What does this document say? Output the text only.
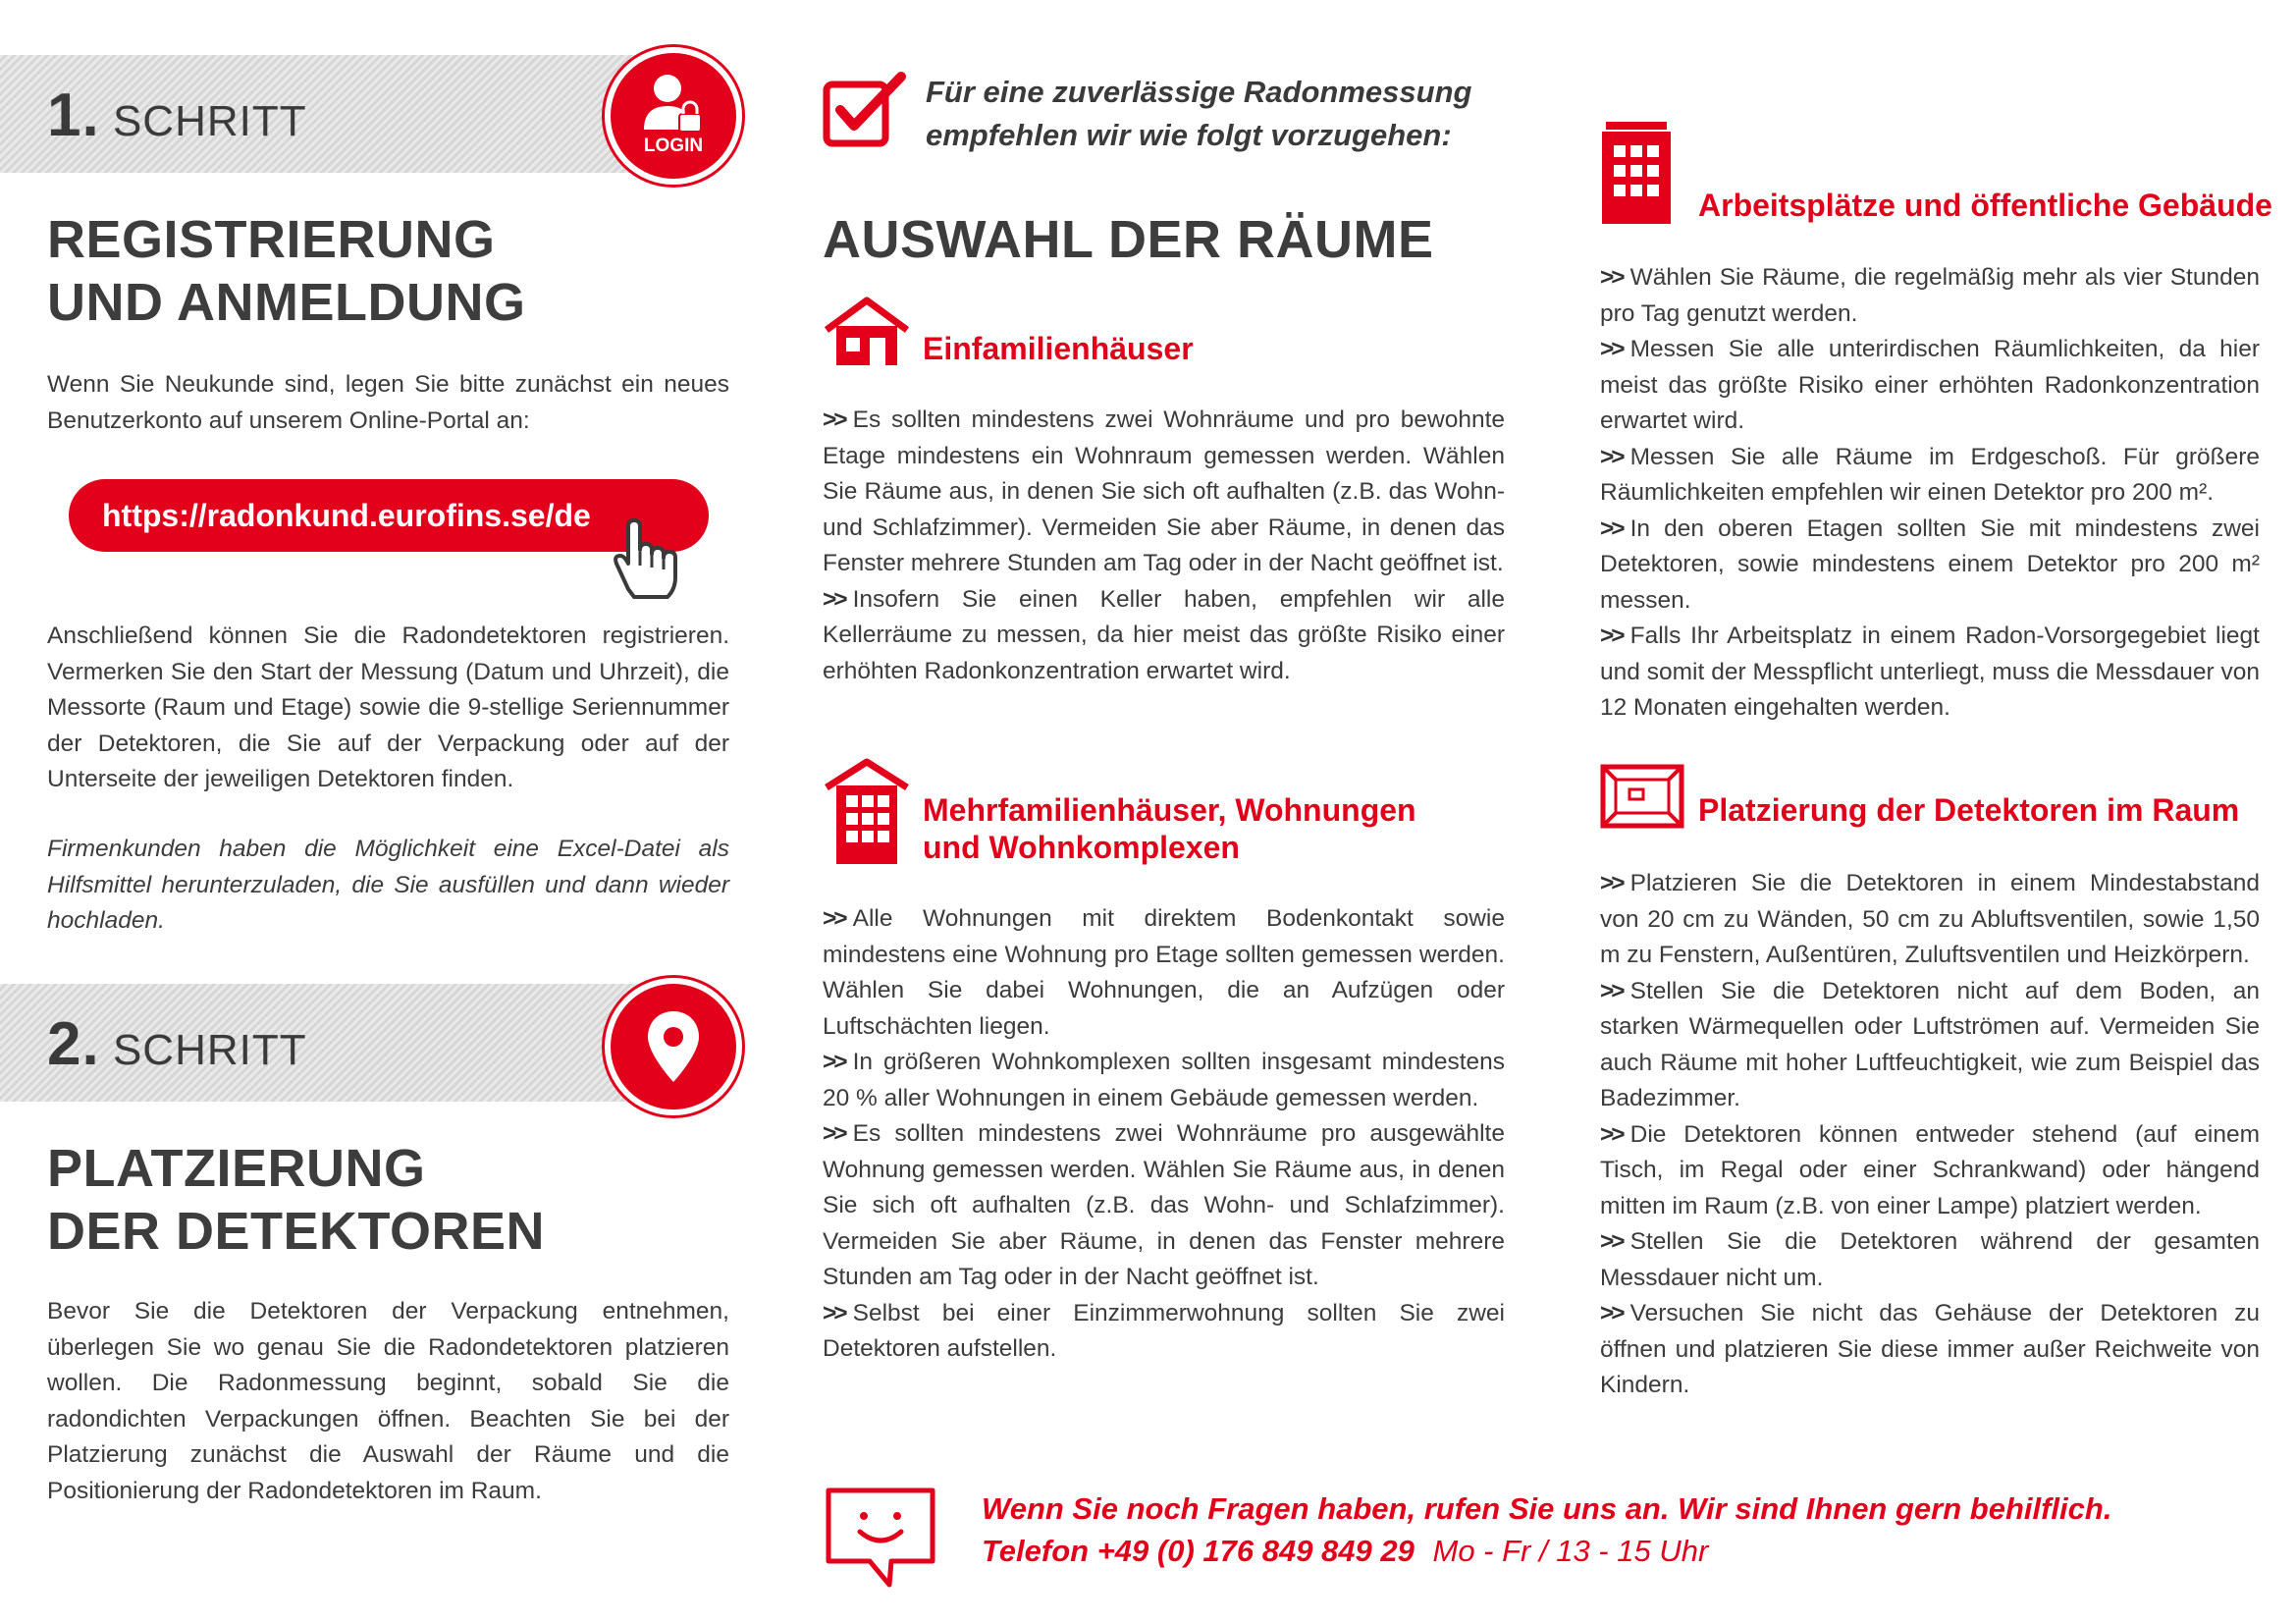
1. SCHRITT
LOGIN
REGISTRIERUNG
UND ANMELDUNG
Wenn Sie Neukunde sind, legen Sie bitte zunächst ein neues Benutzerkonto auf unserem Online-Portal an:
https://radonkund.eurofins.se/de
Anschließend können Sie die Radondetektoren registrieren. Vermerken Sie den Start der Messung (Datum und Uhrzeit), die Messorte (Raum und Etage) sowie die 9-stellige Seriennummer der Detektoren, die Sie auf der Verpackung oder auf der Unterseite der jeweiligen Detektoren finden.
Firmenkunden haben die Möglichkeit eine Excel-Datei als Hilfsmittel herunterzuladen, die Sie ausfüllen und dann wieder hochladen.
2. SCHRITT
PLATZIERUNG
DER DETEKTOREN
Bevor Sie die Detektoren der Verpackung entnehmen, überlegen Sie wo genau Sie die Radondetektoren platzieren wollen. Die Radonmessung beginnt, sobald Sie die radondichten Verpackungen öffnen. Beachten Sie bei der Platzierung zunächst die Auswahl der Räume und die Positionierung der Radondetektoren im Raum.
Für eine zuverlässige Radonmessung
empfehlen wir wie folgt vorzugehen:
AUSWAHL DER RÄUME
Einfamilienhäuser

>> Es sollten mindestens zwei Wohnräume und pro bewohnte Etage mindestens ein Wohnraum gemessen werden. Wählen Sie Räume aus, in denen Sie sich oft aufhalten (z.B. das Wohn- und Schlafzimmer). Vermeiden Sie aber Räume, in denen das Fenster mehrere Stunden am Tag oder in der Nacht geöffnet ist.

>> Insofern Sie einen Keller haben, empfehlen wir alle Kellerräume zu messen, da hier meist das größte Risiko einer erhöhten Radonkonzentration erwartet wird.

Mehrfamilienhäuser, Wohnungen
und Wohnkomplexen

>> Alle Wohnungen mit direktem Bodenkontakt sowie mindestens eine Wohnung pro Etage sollten gemessen werden. Wählen Sie dabei Wohnungen, die an Aufzügen oder Luftschächten liegen.

>> In größeren Wohnkomplexen sollten insgesamt mindestens 20 % aller Wohnungen in einem Gebäude gemessen werden.

>> Es sollten mindestens zwei Wohnräume pro ausgewählte Wohnung gemessen werden. Wählen Sie Räume aus, in denen Sie sich oft aufhalten (z.B. das Wohn- und Schlafzimmer). Vermeiden Sie aber Räume, in denen das Fenster mehrere Stunden am Tag oder in der Nacht geöffnet ist.

>> Selbst bei einer Einzimmerwohnung sollten Sie zwei Detektoren aufstellen.

Arbeitsplätze und öffentliche Gebäude

>> Wählen Sie Räume, die regelmäßig mehr als vier Stunden pro Tag genutzt werden.

>> Messen Sie alle unterirdischen Räumlichkeiten, da hier meist das größte Risiko einer erhöhten Radonkonzentration erwartet wird.

>> Messen Sie alle Räume im Erdgeschoß. Für größere Räumlichkeiten empfehlen wir einen Detektor pro 200 m².

>> In den oberen Etagen sollten Sie mit mindestens zwei Detektoren, sowie mindestens einem Detektor pro 200 m² messen.

>> Falls Ihr Arbeitsplatz in einem Radon-Vorsorgegebiet liegt und somit der Messpflicht unterliegt, muss die Messdauer von 12 Monaten eingehalten werden.

Platzierung der Detektoren im Raum

>> Platzieren Sie die Detektoren in einem Mindestabstand von 20 cm zu Wänden, 50 cm zu Abluftsventilen, sowie 1,50 m zu Fenstern, Außentüren, Zuluftsventilen und Heizkörpern.

>> Stellen Sie die Detektoren nicht auf dem Boden, an starken Wärmequellen oder Luftströmen auf. Vermeiden Sie auch Räume mit hoher Luftfeuchtigkeit, wie zum Beispiel das Badezimmer.

>> Die Detektoren können entweder stehend (auf einem Tisch, im Regal oder einer Schrankwand) oder hängend mitten im Raum (z.B. von einer Lampe) platziert werden.

>> Stellen Sie die Detektoren während der gesamten Messdauer nicht um.

>> Versuchen Sie nicht das Gehäuse der Detektoren zu öffnen und platzieren Sie diese immer außer Reichweite von Kindern.

Wenn Sie noch Fragen haben, rufen Sie uns an. Wir sind Ihnen gern behilflich.
Telefon +49 (0) 176 849 849 29 Mo - Fr / 13 - 15 Uhr
